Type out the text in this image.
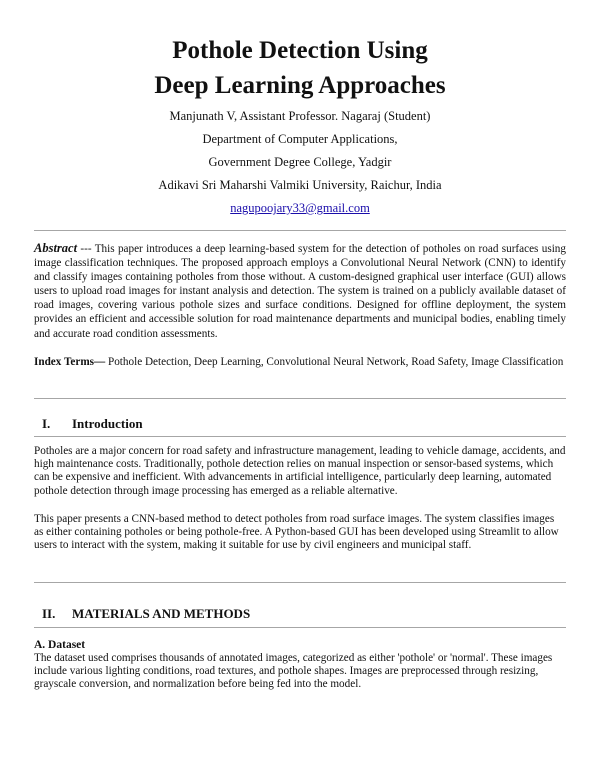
Pothole Detection Using
Deep Learning Approaches
Manjunath V, Assistant Professor. Nagaraj (Student)
Department of Computer Applications,
Government Degree College, Yadgir
Adikavi Sri Maharshi Valmiki University, Raichur, India
nagupoojary33@gmail.com

Abstract --- This paper introduces a deep learning-based system for the detection of potholes on road surfaces using image classification techniques. The proposed approach employs a Convolutional Neural Network (CNN) to identify and classify images containing potholes from those without. A custom-designed graphical user interface (GUI) allows users to upload road images for instant analysis and detection. The system is trained on a publicly available dataset of road images, covering various pothole sizes and surface conditions. Designed for offline deployment, the system provides an efficient and accessible solution for road maintenance departments and municipal bodies, enabling timely and accurate road condition assessments.

Index Terms— Pothole Detection, Deep Learning, Convolutional Neural Network, Road Safety, Image Classification

I. Introduction

Potholes are a major concern for road safety and infrastructure management, leading to vehicle damage, accidents, and high maintenance costs. Traditionally, pothole detection relies on manual inspection or sensor-based systems, which can be expensive and inefficient. With advancements in artificial intelligence, particularly deep learning, automated pothole detection through image processing has emerged as a reliable alternative.

This paper presents a CNN-based method to detect potholes from road surface images. The system classifies images as either containing potholes or being pothole-free. A Python-based GUI has been developed using Streamlit to allow users to interact with the system, making it suitable for use by civil engineers and municipal staff.

II. MATERIALS AND METHODS
A. Dataset

The dataset used comprises thousands of annotated images, categorized as either 'pothole' or 'normal'. These images include various lighting conditions, road textures, and pothole shapes. Images are preprocessed through resizing, grayscale conversion, and normalization before being fed into the model.
